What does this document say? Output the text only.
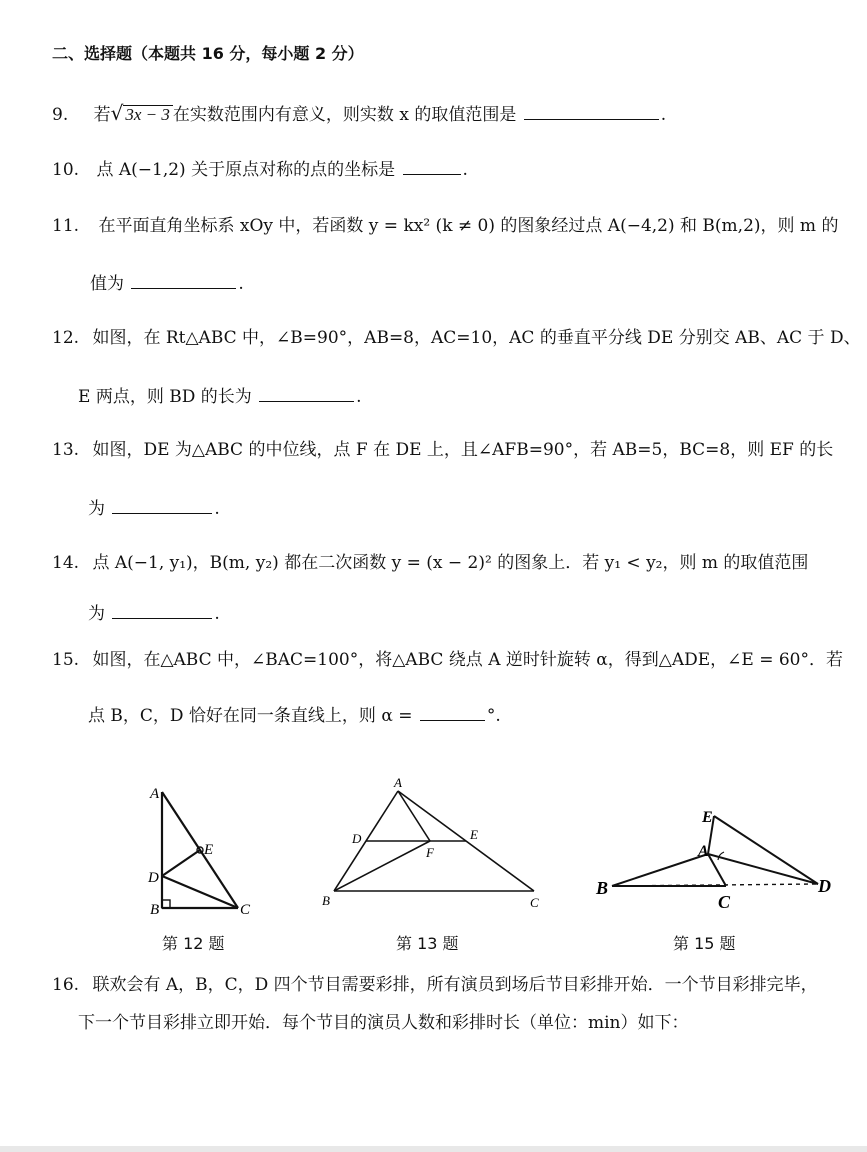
二、选择题（本题共 16 分，每小题 2 分）
9. 若√ 3x − 3 在实数范围内有意义，则实数 x 的取值范围是	.
10. 点 A(−1,2) 关于原点对称的点的坐标是	.
11. 在平面直角坐标系 xOy 中，若函数 y = kx² (k ≠ 0) 的图象经过点 A(−4,2) 和 B(m,2)，则 m 的
值为	.
12. 如图，在 Rt△ABC 中，∠B=90°，AB=8，AC=10，AC 的垂直平分线 DE 分别交 AB、AC 于 D、
E 两点，则 BD 的长为	.
13. 如图，DE 为△ABC 的中位线，点 F 在 DE 上，且∠AFB=90°，若 AB=5，BC=8，则 EF 的长
为	.
14. 点 A(−1, y₁)，B(m, y₂) 都在二次函数 y = (x − 2)² 的图象上．若 y₁ < y₂，则 m 的取值范围
为	.
15. 如图，在△ABC 中，∠BAC=100°，将△ABC 绕点 A 逆时针旋转 α，得到△ADE，∠E = 60°．若
点 B，C，D 恰好在同一条直线上，则 α =	°.
A
B	C
D
E
第 12 题
A
B	C
D	E
F
第 13 题
B
C
D
A
E
第 15 题
16. 联欢会有 A，B，C，D 四个节目需要彩排，所有演员到场后节目彩排开始．一个节目彩排完毕，
下一个节目彩排立即开始．每个节目的演员人数和彩排时长（单位：min）如下：
